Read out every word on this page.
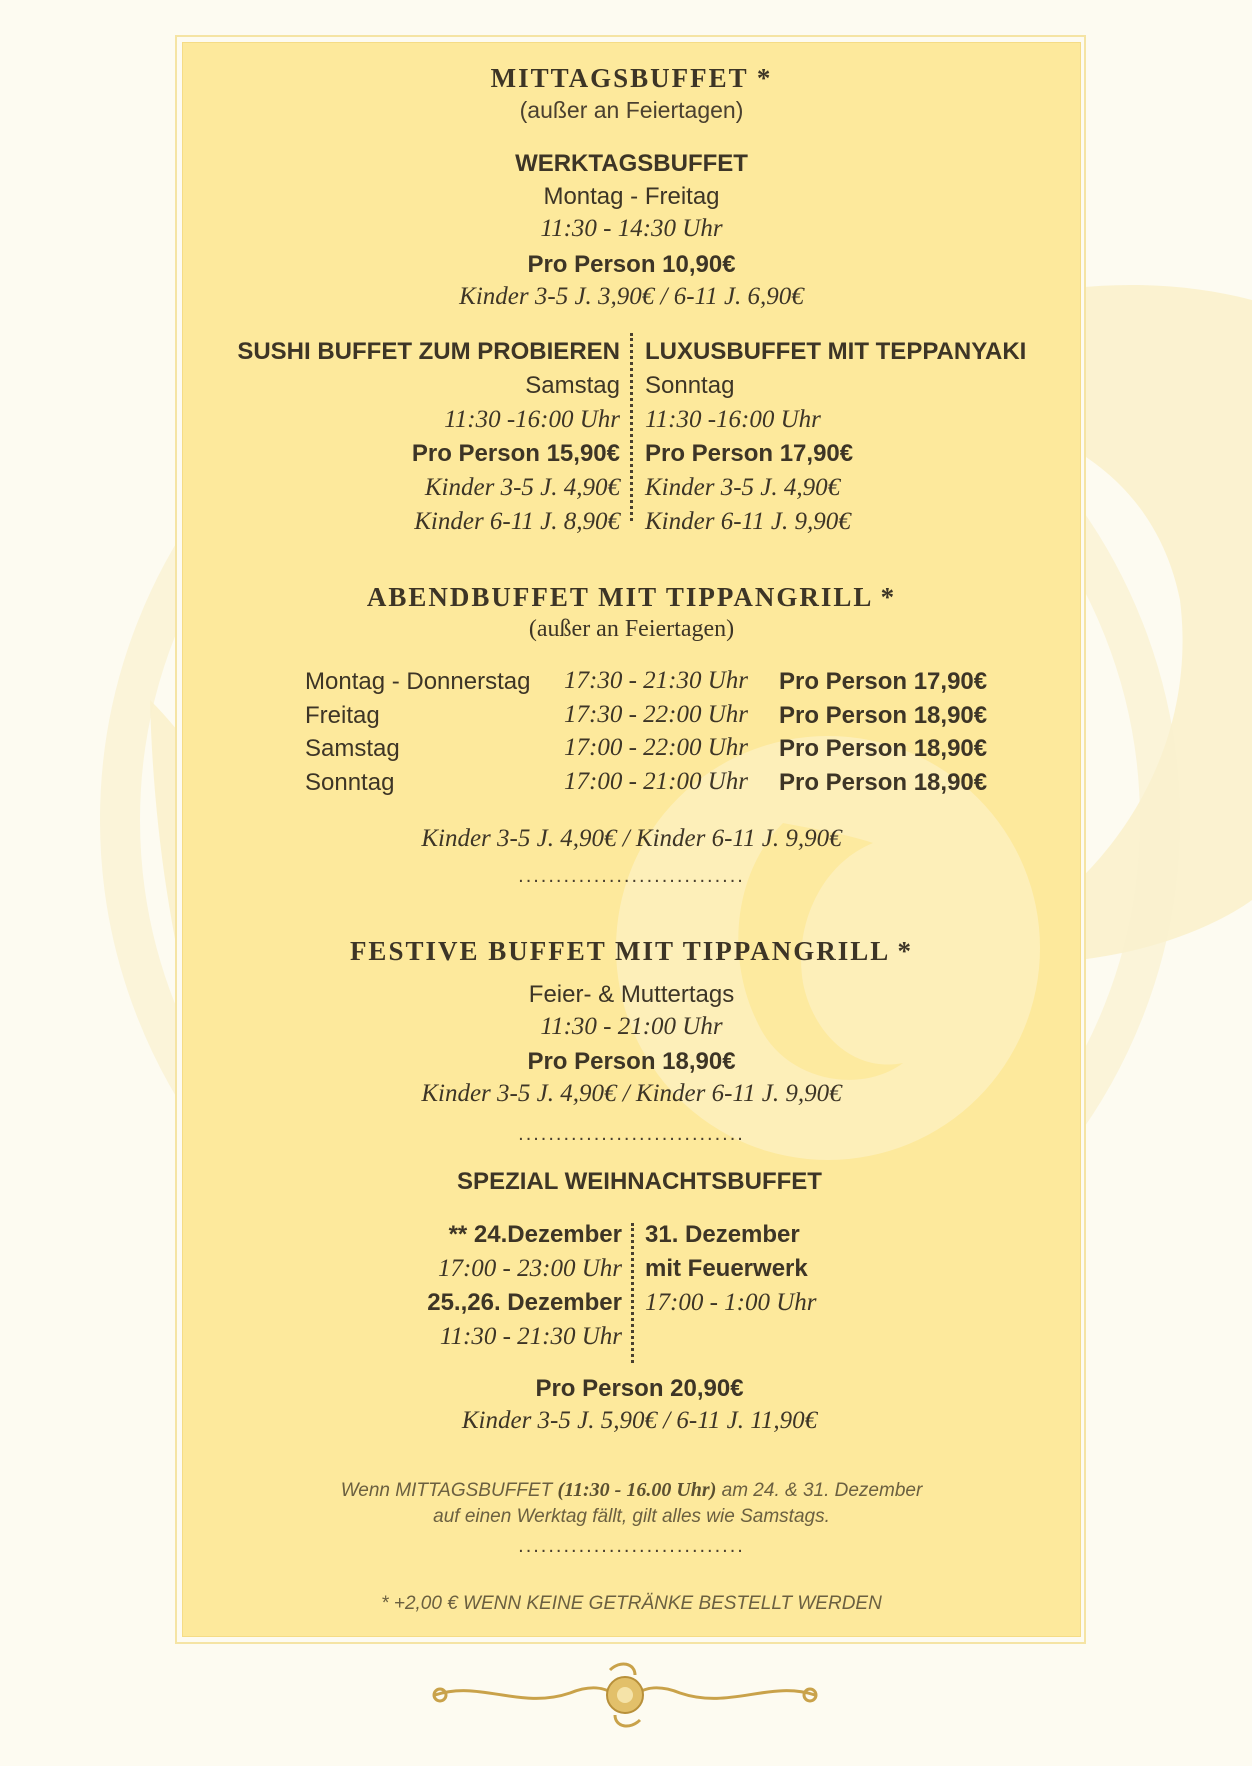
MITTAGSBUFFET *
(außer an Feiertagen)
WERKTAGSBUFFET
Montag - Freitag
11:30 - 14:30 Uhr
Pro Person 10,90€
Kinder 3-5 J. 3,90€ / 6-11 J. 6,90€
SUSHI BUFFET ZUM PROBIEREN
Samstag
11:30 -16:00 Uhr
Pro Person 15,90€
Kinder 3-5 J. 4,90€
Kinder 6-11 J. 8,90€
LUXUSBUFFET MIT TEPPANYAKI
Sonntag
11:30 -16:00 Uhr
Pro Person 17,90€
Kinder 3-5 J. 4,90€
Kinder 6-11 J. 9,90€
ABENDBUFFET MIT TIPPANGRILL *
(außer an Feiertagen)
Montag - Donnerstag 17:30 - 21:30 Uhr Pro Person 17,90€
Freitag	17:30 - 22:00 Uhr Pro Person 18,90€
Samstag	17:00 - 22:00 Uhr Pro Person 18,90€
Sonntag	17:00 - 21:00 Uhr Pro Person 18,90€
Kinder 3-5 J. 4,90€ / Kinder 6-11 J. 9,90€
..............................
FESTIVE BUFFET MIT TIPPANGRILL *
Feier- & Muttertags
11:30 - 21:00 Uhr
Pro Person 18,90€
Kinder 3-5 J. 4,90€ / Kinder 6-11 J. 9,90€
..............................
SPEZIAL WEIHNACHTSBUFFET
** 24.Dezember
17:00 - 23:00 Uhr
25.,26. Dezember
11:30 - 21:30 Uhr
31. Dezember
mit Feuerwerk
17:00 - 1:00 Uhr
Pro Person 20,90€
Kinder 3-5 J. 5,90€ / 6-11 J. 11,90€
Wenn MITTAGSBUFFET (11:30 - 16.00 Uhr) am 24. & 31. Dezember
auf einen Werktag fällt, gilt alles wie Samstags.
..............................
* +2,00 € WENN KEINE GETRÄNKE BESTELLT WERDEN
